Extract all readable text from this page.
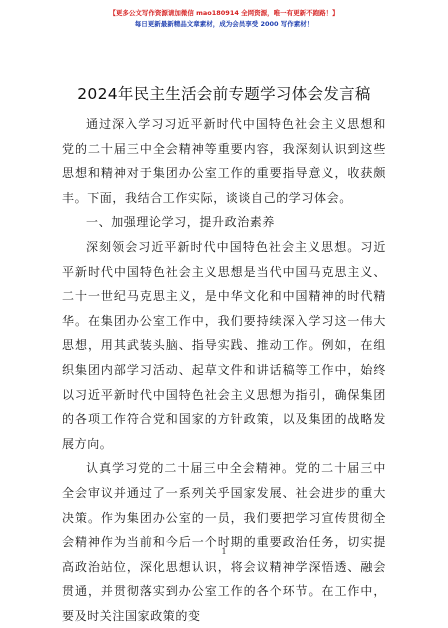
【更多公文写作资源请加微信 mao180914 全网资源，唯一有更新不跑路！】
每日更新最新精品文章素材，成为会员享受 2000 写作素材！
2024年民主生活会前专题学习体会发言稿

通过深入学习习近平新时代中国特色社会主义思想和党的二十届三中全会精神等重要内容，我深刻认识到这些思想和精神对于集团办公室工作的重要指导意义，收获颇丰。下面，我结合工作实际，谈谈自己的学习体会。

一、加强理论学习，提升政治素养

深刻领会习近平新时代中国特色社会主义思想。习近平新时代中国特色社会主义思想是当代中国马克思主义、二十一世纪马克思主义，是中华文化和中国精神的时代精华。在集团办公室工作中，我们要持续深入学习这一伟大思想，用其武装头脑、指导实践、推动工作。例如，在组织集团内部学习活动、起草文件和讲话稿等工作中，始终以习近平新时代中国特色社会主义思想为指引，确保集团的各项工作符合党和国家的方针政策，以及集团的战略发展方向。

认真学习党的二十届三中全会精神。党的二十届三中全会审议并通过了一系列关乎国家发展、社会进步的重大决策。作为集团办公室的一员，我们要把学习宣传贯彻全会精神作为当前和今后一个时期的重要政治任务，切实提高政治站位，深化思想认识，将会议精神学深悟透、融会贯通，并贯彻落实到办公室工作的各个环节。在工作中，要及时关注国家政策的变

1
